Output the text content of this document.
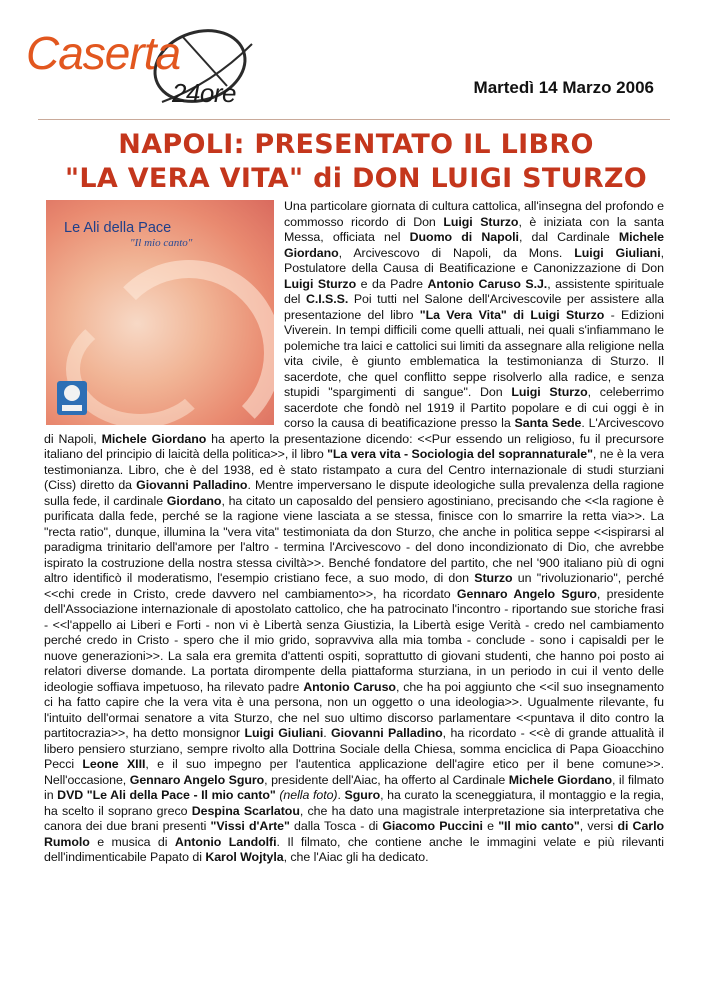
Caserta
24ore	Martedì 14 Marzo 2006
NAPOLI: PRESENTATO IL LIBRO
"LA VERA VITA" di DON LUIGI STURZO
Una particolare giornata di cultura cattolica, all'insegna del profondo e commosso ricordo di Don Luigi Sturzo, è iniziata con la santa Messa, officiata nel Duomo di Napoli, dal Cardinale Michele Giordano, Arcivescovo di Napoli, da Mons. Luigi Giuliani, Postulatore della Causa di Beatificazione e Canonizzazione di Don Luigi Sturzo e da Padre Antonio Caruso S.J., assistente spirituale del C.I.S.S. Poi tutti nel Salone dell'Arcivescovile per assistere alla presentazione del libro "La Vera Vita" di Luigi Sturzo - Edizioni Viverein. In tempi difficili come quelli attuali, nei quali s'infiammano le polemiche tra laici e cattolici sui limiti da assegnare alla religione nella vita civile, è giunto emblematica la testimonianza di Sturzo. Il sacerdote, che quel conflitto seppe risolverlo alla radice, e senza stupidi "spargimenti di sangue". Don Luigi Sturzo, celeberrimo sacerdote che fondò nel 1919 il Partito popolare e di cui oggi è in corso la causa di beatificazione presso la Santa Sede. L'Arcivescovo di Napoli, Michele Giordano ha aperto la presentazione dicendo: <<Pur essendo un religioso, fu il precursore italiano del principio di laicità della politica>>, il libro "La vera vita - Sociologia del soprannaturale", ne è la vera testimonianza. Libro, che è del 1938, ed è stato ristampato a cura del Centro internazionale di studi sturziani (Ciss) diretto da Giovanni Palladino. Mentre imperversano le dispute ideologiche sulla prevalenza della ragione sulla fede, il cardinale Giordano, ha citato un caposaldo del pensiero agostiniano, precisando che <<la ragione è purificata dalla fede, perché se la ragione viene lasciata a se stessa, finisce con lo smarrire la retta via>>. La "recta ratio", dunque, illumina la "vera vita" testimoniata da don Sturzo, che anche in politica seppe <<ispirarsi al paradigma trinitario dell'amore per l'altro - termina l'Arcivescovo - del dono incondizionato di Dio, che avrebbe ispirato la costruzione della nostra stessa civiltà>>. Benché fondatore del partito, che nel '900 italiano più di ogni altro identificò il moderatismo, l'esempio cristiano fece, a suo modo, di don Sturzo un "rivoluzionario", perché <<chi crede in Cristo, crede davvero nel cambiamento>>, ha ricordato Gennaro Angelo Sguro, presidente dell'Associazione internazionale di apostolato cattolico, che ha patrocinato l'incontro - riportando sue storiche frasi - <<l'appello ai Liberi e Forti - non vi è Libertà senza Giustizia, la Libertà esige Verità - credo nel cambiamento perché credo in Cristo - spero che il mio grido, sopravviva alla mia tomba - conclude - sono i capisaldi per le nuove generazioni>>. La sala era gremita d'attenti ospiti, soprattutto di giovani studenti, che hanno poi posto ai relatori diverse domande. La portata dirompente della piattaforma sturziana, in un periodo in cui il vento delle ideologie soffiava impetuoso, ha rilevato padre Antonio Caruso, che ha poi aggiunto che <<il suo insegnamento ci ha fatto capire che la vera vita è una persona, non un oggetto o una ideologia>>. Ugualmente rilevante, fu l'intuito dell'ormai senatore a vita Sturzo, che nel suo ultimo discorso parlamentare <<puntava il dito contro la partitocrazia>>, ha detto monsignor Luigi Giuliani. Giovanni Palladino, ha ricordato - <<è di grande attualità il libero pensiero sturziano, sempre rivolto alla Dottrina Sociale della Chiesa, somma enciclica di Papa Gioacchino Pecci Leone XIII, e il suo impegno per l'autentica applicazione dell'agire etico per il bene comune>>. Nell'occasione, Gennaro Angelo Sguro, presidente dell'Aiac, ha offerto al Cardinale Michele Giordano, il filmato in DVD "Le Ali della Pace - Il mio canto" (nella foto). Sguro, ha curato la sceneggiatura, il montaggio e la regia, ha scelto il soprano greco Despina Scarlatou, che ha dato una magistrale interpretazione sia interpretativa che canora dei due brani presenti "Vissi d'Arte" dalla Tosca - di Giacomo Puccini e "Il mio canto", versi di Carlo Rumolo e musica di Antonio Landolfi. Il filmato, che contiene anche le immagini velate e più rilevanti dell'indimenticabile Papato di Karol Wojtyla, che l'Aiac gli ha dedicato.
Le Ali della Pace
"Il mio canto"
